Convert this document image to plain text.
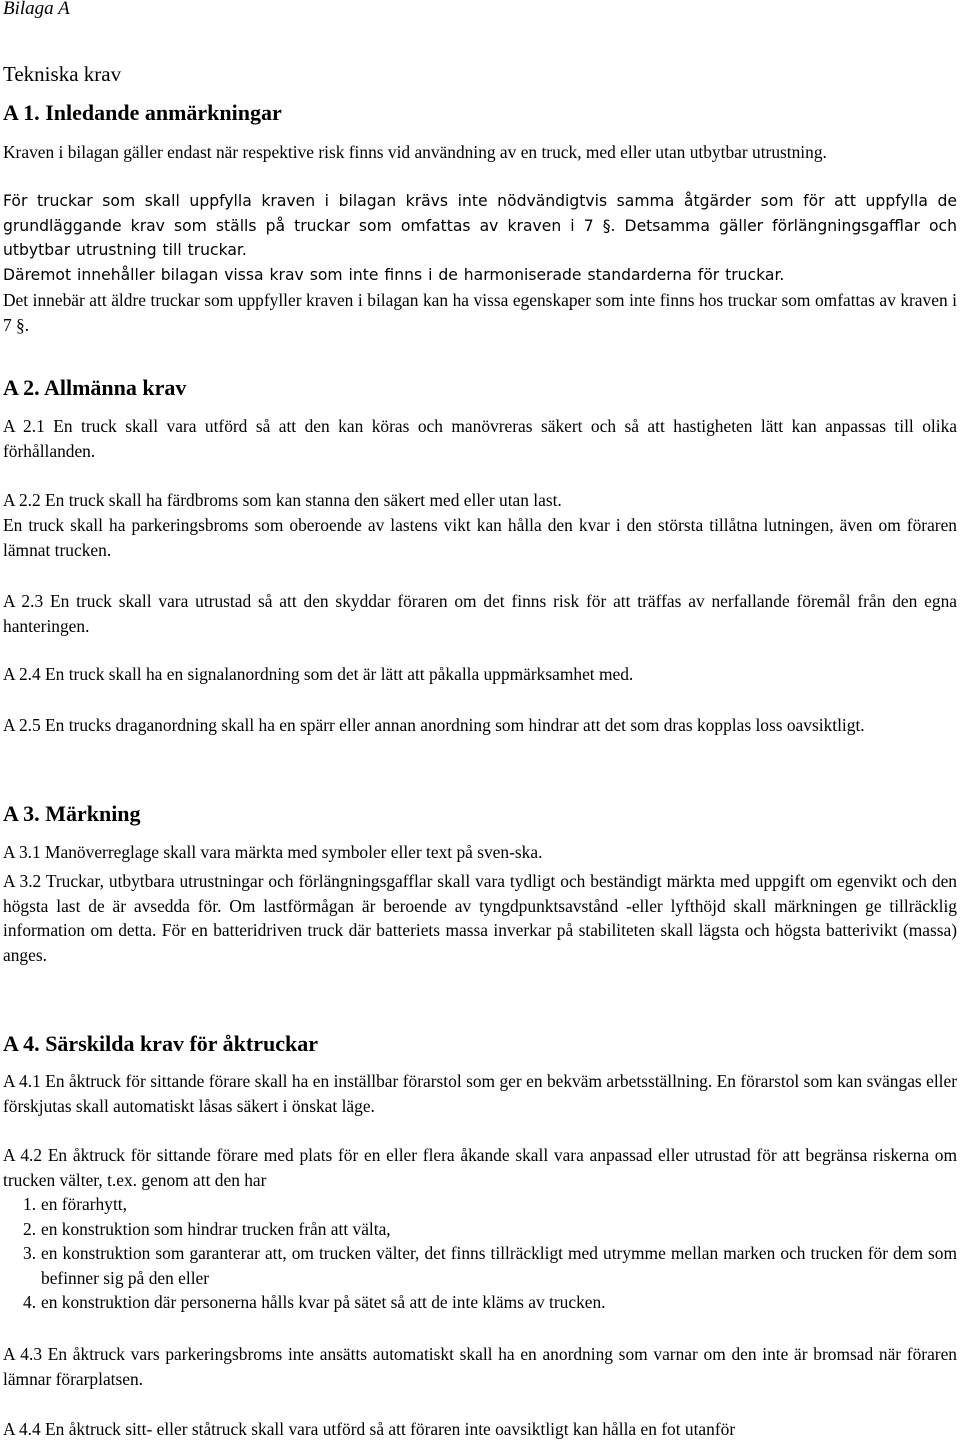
Bilaga A
Tekniska krav
A 1. Inledande anmärkningar
Kraven i bilagan gäller endast när respektive risk finns vid användning av en truck, med eller utan utbytbar utrustning.
För truckar som skall uppfylla kraven i bilagan krävs inte nödvändigtvis samma åtgärder som för att uppfylla de grundläggande krav som ställs på truckar som omfattas av kraven i 7 §. Detsamma gäller förlängningsgafflar och utbytbar utrustning till truckar.
Däremot innehåller bilagan vissa krav som inte finns i de harmoniserade standarderna för truckar.
Det innebär att äldre truckar som uppfyller kraven i bilagan kan ha vissa egenskaper som inte finns hos truckar som omfattas av kraven i 7 §.
A 2. Allmänna krav
A 2.1 En truck skall vara utförd så att den kan köras och manövreras säkert och så att hastigheten lätt kan anpassas till olika förhållanden.
A 2.2 En truck skall ha färdbroms som kan stanna den säkert med eller utan last.
En truck skall ha parkeringsbroms som oberoende av lastens vikt kan hålla den kvar i den största tillåtna lutningen, även om föraren lämnat trucken.
A 2.3 En truck skall vara utrustad så att den skyddar föraren om det finns risk för att träffas av nerfallande föremål från den egna hanteringen.
A 2.4 En truck skall ha en signalanordning som det är lätt att påkalla uppmärksamhet med.
A 2.5 En trucks draganordning skall ha en spärr eller annan anordning som hindrar att det som dras kopplas loss oavsiktligt.
A 3. Märkning
A 3.1 Manöverreglage skall vara märkta med symboler eller text på sven-ska.
A 3.2 Truckar, utbytbara utrustningar och förlängningsgafflar skall vara tydligt och beständigt märkta med uppgift om egenvikt och den högsta last de är avsedda för. Om lastförmågan är beroende av tyngdpunktsavstånd -eller lyfthöjd skall märkningen ge tillräcklig information om detta. För en batteridriven truck där batteriets massa inverkar på stabiliteten skall lägsta och högsta batterivikt (massa) anges.
A 4. Särskilda krav för åktruckar
A 4.1 En åktruck för sittande förare skall ha en inställbar förarstol som ger en bekväm arbetsställning. En förarstol som kan svängas eller förskjutas skall automatiskt låsas säkert i önskat läge.
A 4.2 En åktruck för sittande förare med plats för en eller flera åkande skall vara anpassad eller utrustad för att begränsa riskerna om trucken välter, t.ex. genom att den har
1. en förarhytt,
2. en konstruktion som hindrar trucken från att välta,
3. en konstruktion som garanterar att, om trucken välter, det finns tillräckligt med utrymme mellan marken och trucken för dem som befinner sig på den eller
4. en konstruktion där personerna hålls kvar på sätet så att de inte kläms av trucken.
A 4.3 En åktruck vars parkeringsbroms inte ansätts automatiskt skall ha en anordning som varnar om den inte är bromsad när föraren lämnar förarplatsen.
A 4.4 En åktruck sitt- eller ståtruck skall vara utförd så att föraren inte oavsiktligt kan hålla en fot utanför
